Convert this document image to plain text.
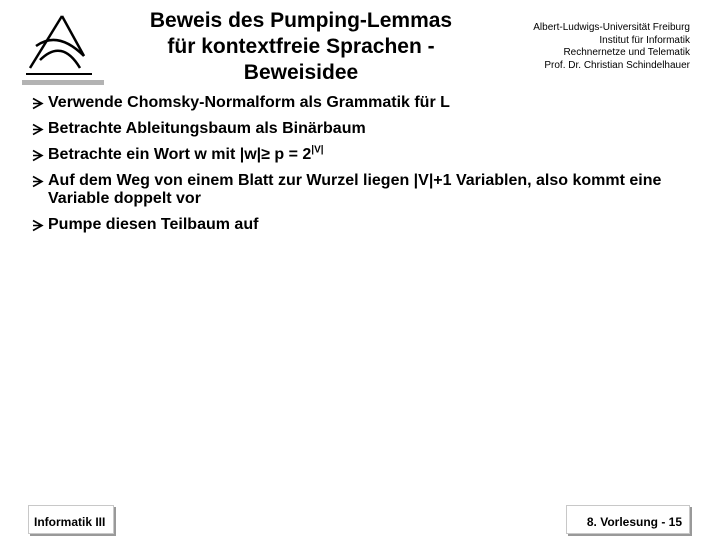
Beweis des Pumping-Lemmas
für kontextfreie Sprachen -
Beweisidee
Albert-Ludwigs-Universität Freiburg
Institut für Informatik
Rechnernetze und Telematik
Prof. Dr. Christian Schindelhauer
Verwende Chomsky-Normalform als Grammatik für L
Betrachte Ableitungsbaum als Binärbaum
Betrachte ein Wort w mit $|w|\ge p = 2^{|V|}$
Auf dem Weg von einem Blatt zur Wurzel liegen |V|+1 Variablen, also kommt eine Variable doppelt vor
Pumpe diesen Teilbaum auf
Informatik III	8. Vorlesung - 15
